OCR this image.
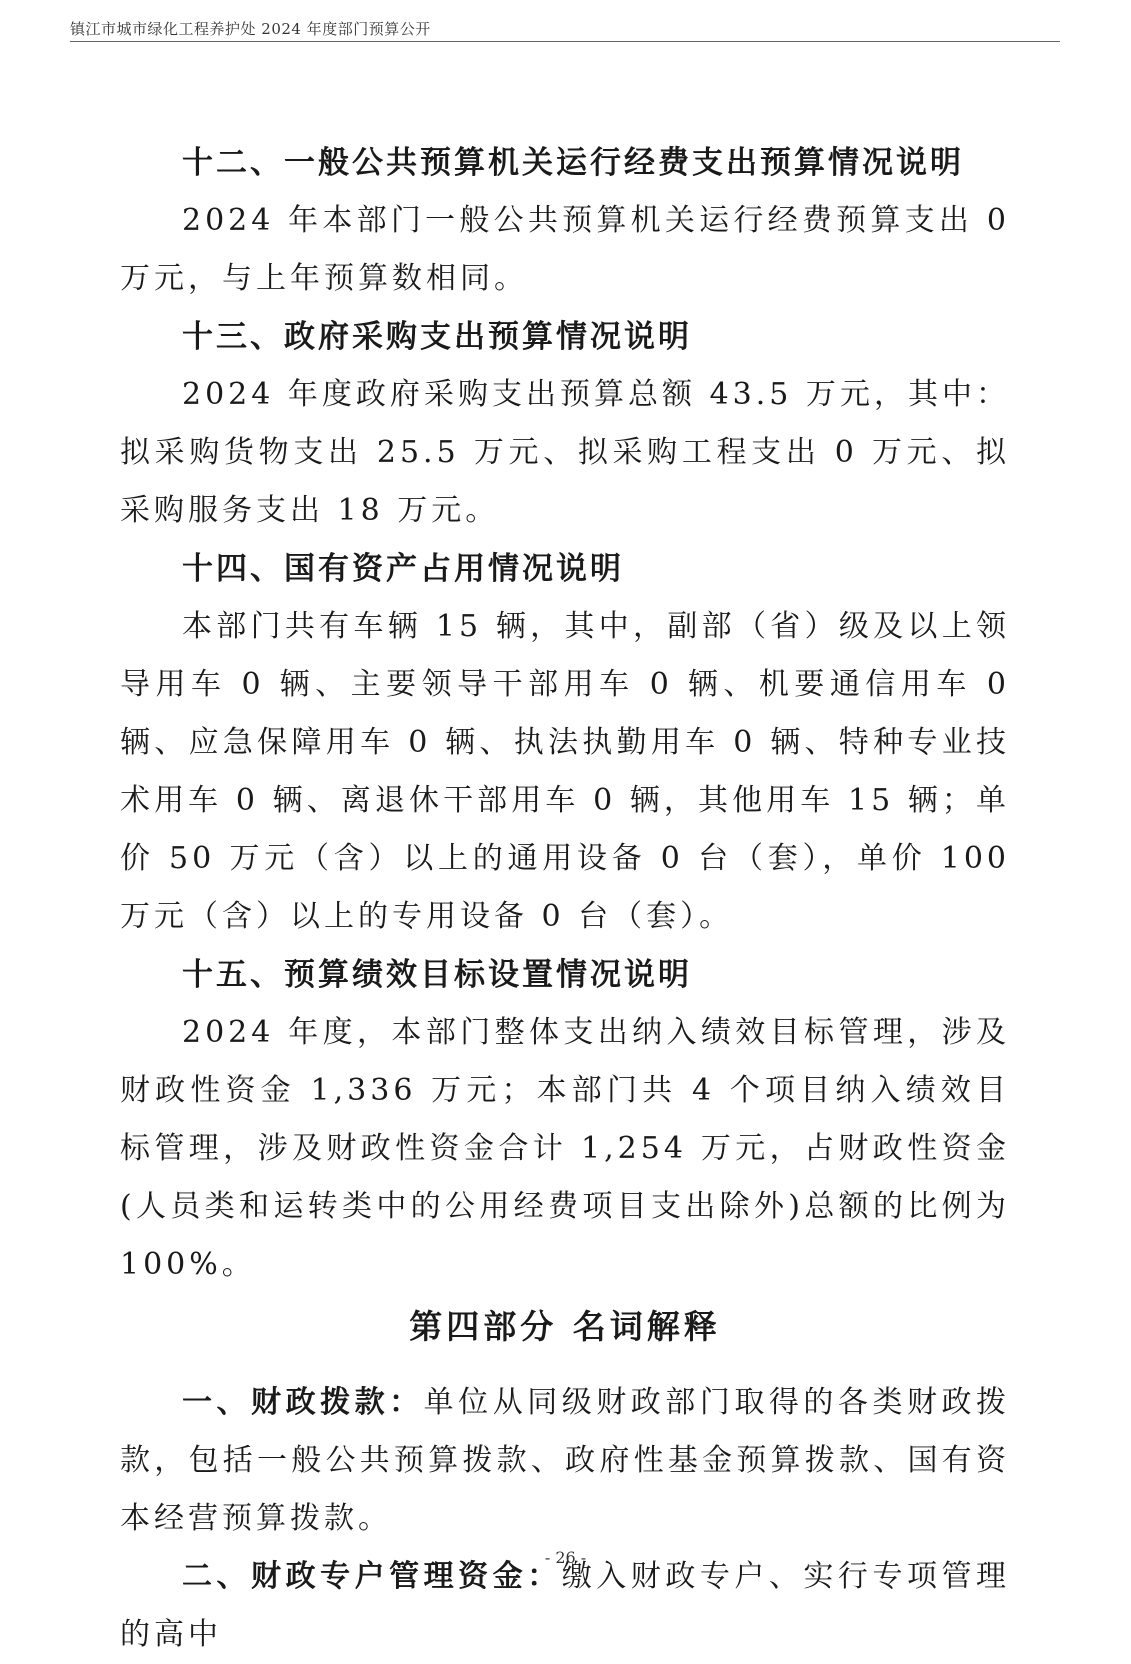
镇江市城市绿化工程养护处 2024 年度部门预算公开

十二、一般公共预算机关运行经费支出预算情况说明

2024 年本部门一般公共预算机关运行经费预算支出 0 万元，与上年预算数相同。

十三、政府采购支出预算情况说明

2024 年度政府采购支出预算总额 43.5 万元，其中：拟采购货物支出 25.5 万元、拟采购工程支出 0 万元、拟采购服务支出 18 万元。

十四、国有资产占用情况说明

本部门共有车辆 15 辆，其中，副部（省）级及以上领导用车 0 辆、主要领导干部用车 0 辆、机要通信用车 0 辆、应急保障用车 0 辆、执法执勤用车 0 辆、特种专业技术用车 0 辆、离退休干部用车 0 辆，其他用车 15 辆；单价 50 万元（含）以上的通用设备 0 台（套），单价 100 万元（含）以上的专用设备 0 台（套）。

十五、预算绩效目标设置情况说明

2024 年度，本部门整体支出纳入绩效目标管理，涉及财政性资金 1,336 万元；本部门共 4 个项目纳入绩效目标管理，涉及财政性资金合计 1,254 万元，占财政性资金(人员类和运转类中的公用经费项目支出除外)总额的比例为 100%。

第四部分 名词解释

一、财政拨款：单位从同级财政部门取得的各类财政拨款，包括一般公共预算拨款、政府性基金预算拨款、国有资本经营预算拨款。

二、财政专户管理资金：缴入财政专户、实行专项管理的高中

- 26 -
